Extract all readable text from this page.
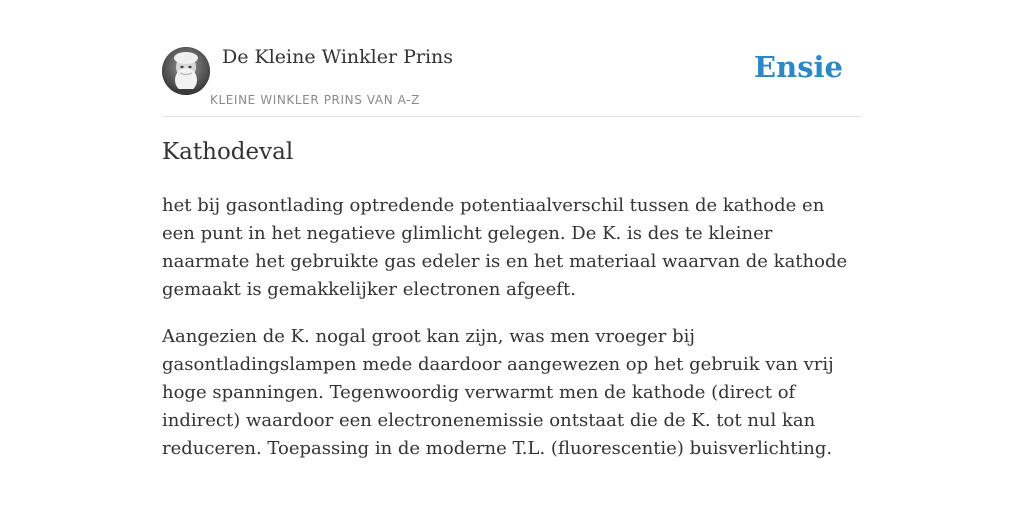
De Kleine Winkler Prins
KLEINE WINKLER PRINS VAN A-Z
Ensie
Kathodeval

het bij gasontlading optredende potentiaalverschil tussen de kathode en een punt in het negatieve glimlicht gelegen. De K. is des te kleiner naarmate het gebruikte gas edeler is en het materiaal waarvan de kathode gemaakt is gemakkelijker electronen afgeeft.

Aangezien de K. nogal groot kan zijn, was men vroeger bij gasontladingslampen mede daardoor aangewezen op het gebruik van vrij hoge spanningen. Tegenwoordig verwarmt men de kathode (direct of indirect) waardoor een electronenemissie ontstaat die de K. tot nul kan reduceren. Toepassing in de moderne T.L. (fluorescentie) buisverlichting.
